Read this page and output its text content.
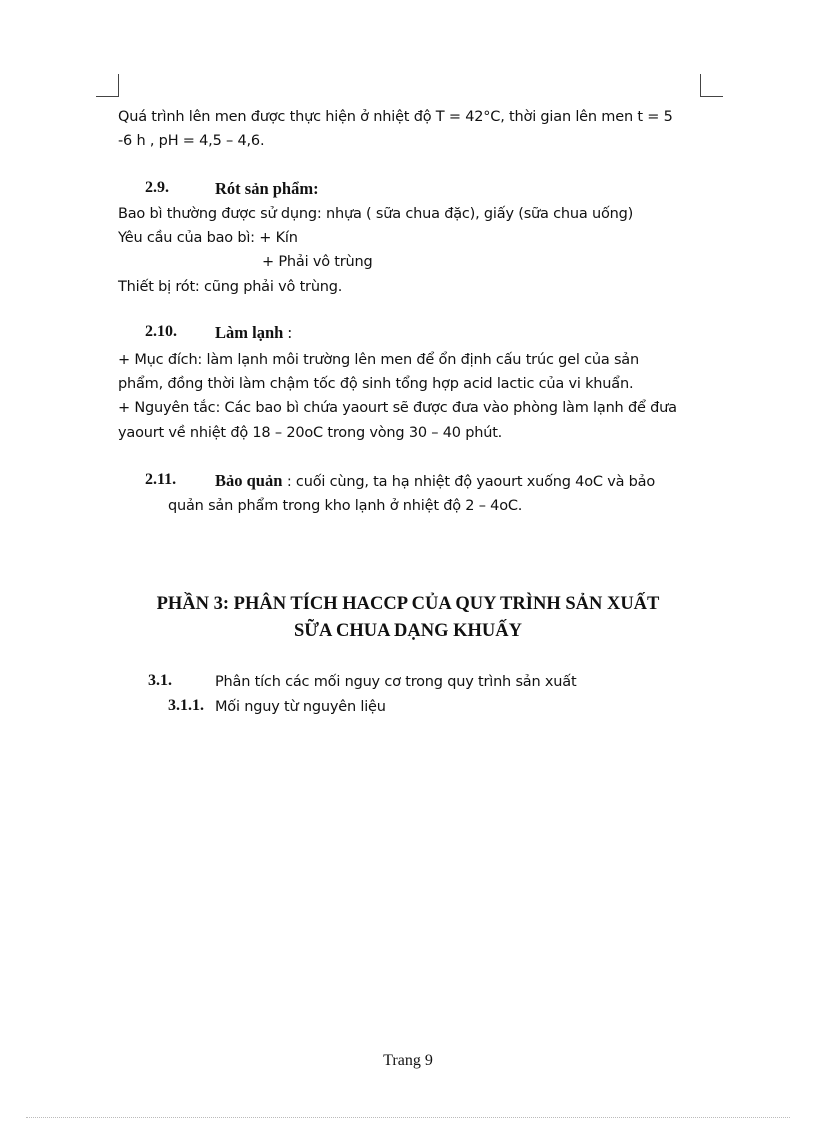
Quá trình lên men được thực hiện ở nhiệt độ T = 42°C, thời gian lên men t = 5
-6 h , pH = 4,5 – 4,6.
2.9.	Rót sản phẩm:
Bao bì thường được sử dụng: nhựa ( sữa chua đặc), giấy (sữa chua uống)
Yêu cầu của bao bì: + Kín
+ Phải vô trùng
Thiết bị rót: cũng phải vô trùng.
2.10. Làm lạnh :
+ Mục đích: làm lạnh môi trường lên men để ổn định cấu trúc gel của sản
phẩm, đồng thời làm chậm tốc độ sinh tổng hợp acid lactic của vi khuẩn.
+ Nguyên tắc: Các bao bì chứa yaourt sẽ được đưa vào phòng làm lạnh để đưa
yaourt về nhiệt độ 18 – 20oC trong vòng 30 – 40 phút.
2.11. Bảo quản : cuối cùng, ta hạ nhiệt độ yaourt xuống 4oC và bảo
quản sản phẩm trong kho lạnh ở nhiệt độ 2 – 4oC.
PHẦN 3: PHÂN TÍCH HACCP CỦA QUY TRÌNH SẢN XUẤT
SỮA CHUA DẠNG KHUẤY
3.1.	Phân tích các mối nguy cơ trong quy trình sản xuất
3.1.1. Mối nguy từ nguyên liệu
Trang 9
